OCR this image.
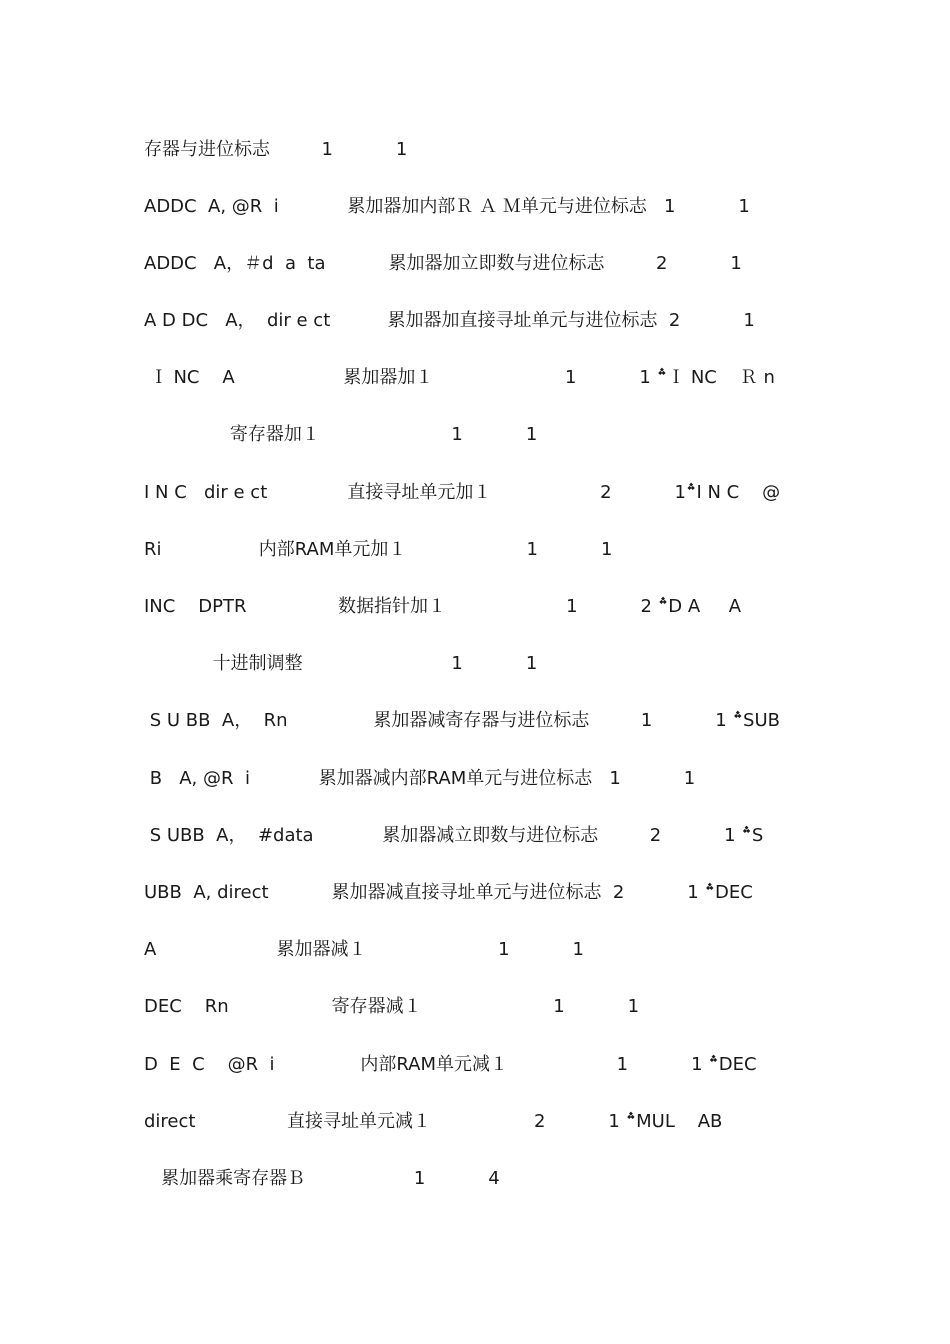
存器与进位标志         1           1
ADDC  A, @R  i            累加器加内部Ｒ Ａ Ｍ单元与进位标志   1           1
ADDC   A，＃d  a  ta           累加器加立即数与进位标志         2           1
A D DC   A，  dir e ct          累加器加直接寻址单元与进位标志  2           1
Ｉ NC    A                   累加器加１                       1           1 ؞Ｉ NC    Ｒ n
寄存器加１                       1           1
I N C   dir e ct              直接寻址单元加１                   2           1؞I N C    @
Ri                 内部RAM单元加１                     1           1
INC    DPTR                数据指针加１                     1           2 ؞D A     A
十进制调整                          1           1
S U BB  A，  Rn               累加器减寄存器与进位标志         1           1 ؞SUB
B   A, @R  i            累加器减内部RAM单元与进位标志   1           1
S UBB  A，  #data            累加器减立即数与进位标志         2           1 ؞S
UBB  A, direct           累加器减直接寻址单元与进位标志  2           1 ؞DEC
A                     累加器减１                       1           1
DEC    Rn                  寄存器减１                       1           1
D  E  C    @R  i               内部RAM单元减１                   1           1 ؞DEC
direct                直接寻址单元减１                  2           1 ؞MUL    AB
累加器乘寄存器Ｂ                   1           4
